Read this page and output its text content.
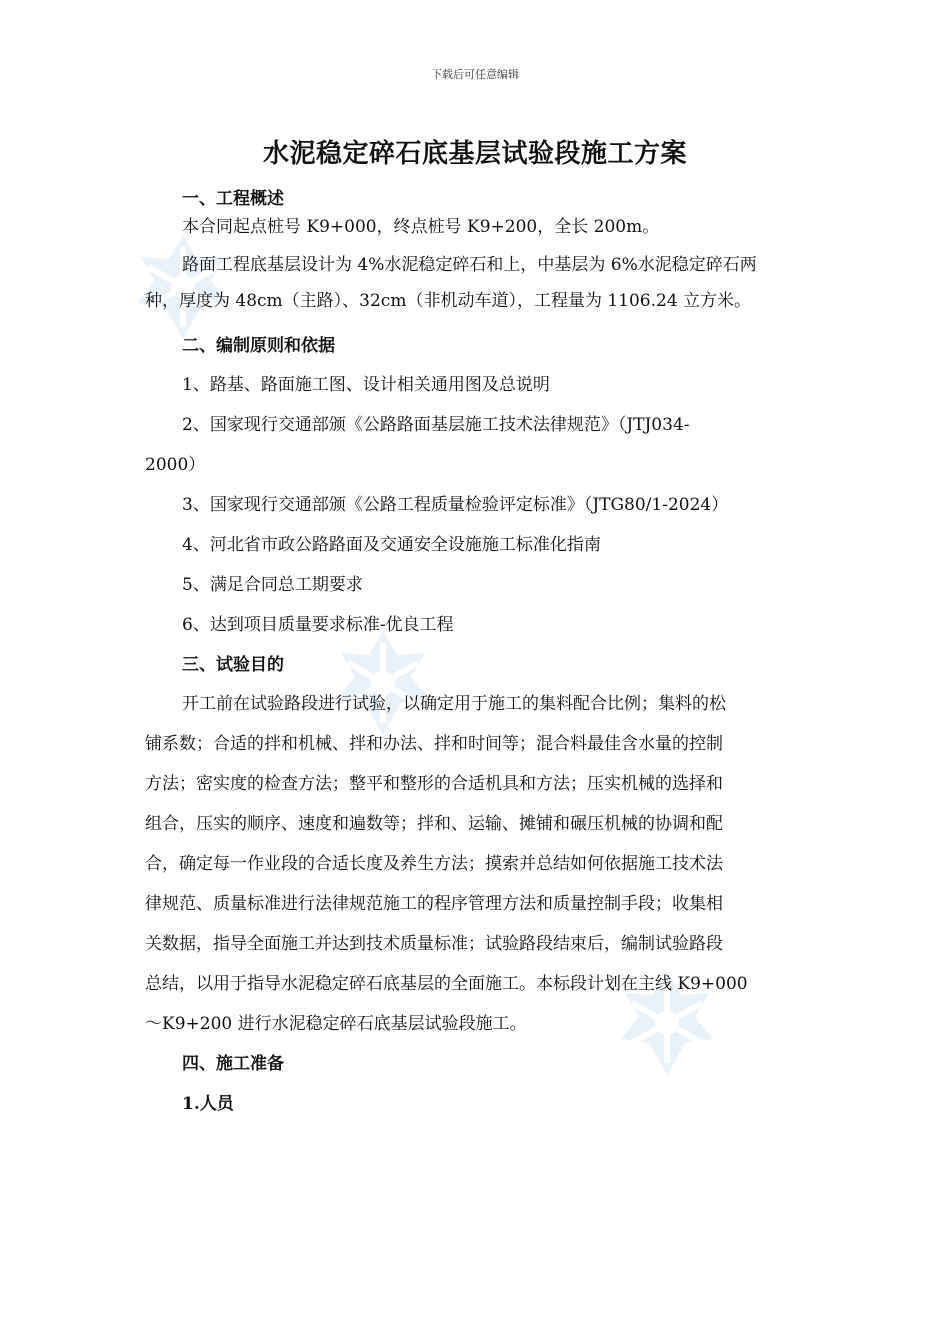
下载后可任意编辑
水泥稳定碎石底基层试验段施工方案
一、工程概述
本合同起点桩号 K9+000，终点桩号 K9+200，全长 200m。
路面工程底基层设计为 4%水泥稳定碎石和上，中基层为 6%水泥稳定碎石两
种，厚度为 48cm（主路）、32cm（非机动车道），工程量为 1106.24 立方米。
二、编制原则和依据
1、路基、路面施工图、设计相关通用图及总说明
2、国家现行交通部颁《公路路面基层施工技术法律规范》（JTJ034-
2000）
3、国家现行交通部颁《公路工程质量检验评定标准》（JTG80/1-2024）
4、河北省市政公路路面及交通安全设施施工标准化指南
5、满足合同总工期要求
6、达到项目质量要求标准-优良工程
三、试验目的
开工前在试验路段进行试验，以确定用于施工的集料配合比例；集料的松
铺系数；合适的拌和机械、拌和办法、拌和时间等；混合料最佳含水量的控制
方法；密实度的检查方法；整平和整形的合适机具和方法；压实机械的选择和
组合，压实的顺序、速度和遍数等；拌和、运输、摊铺和碾压机械的协调和配
合，确定每一作业段的合适长度及养生方法；摸索并总结如何依据施工技术法
律规范、质量标准进行法律规范施工的程序管理方法和质量控制手段；收集相
关数据，指导全面施工并达到技术质量标准；试验路段结束后，编制试验路段
总结，以用于指导水泥稳定碎石底基层的全面施工。本标段计划在主线 K9+000
～K9+200 进行水泥稳定碎石底基层试验段施工。
四、施工准备
1.人员
